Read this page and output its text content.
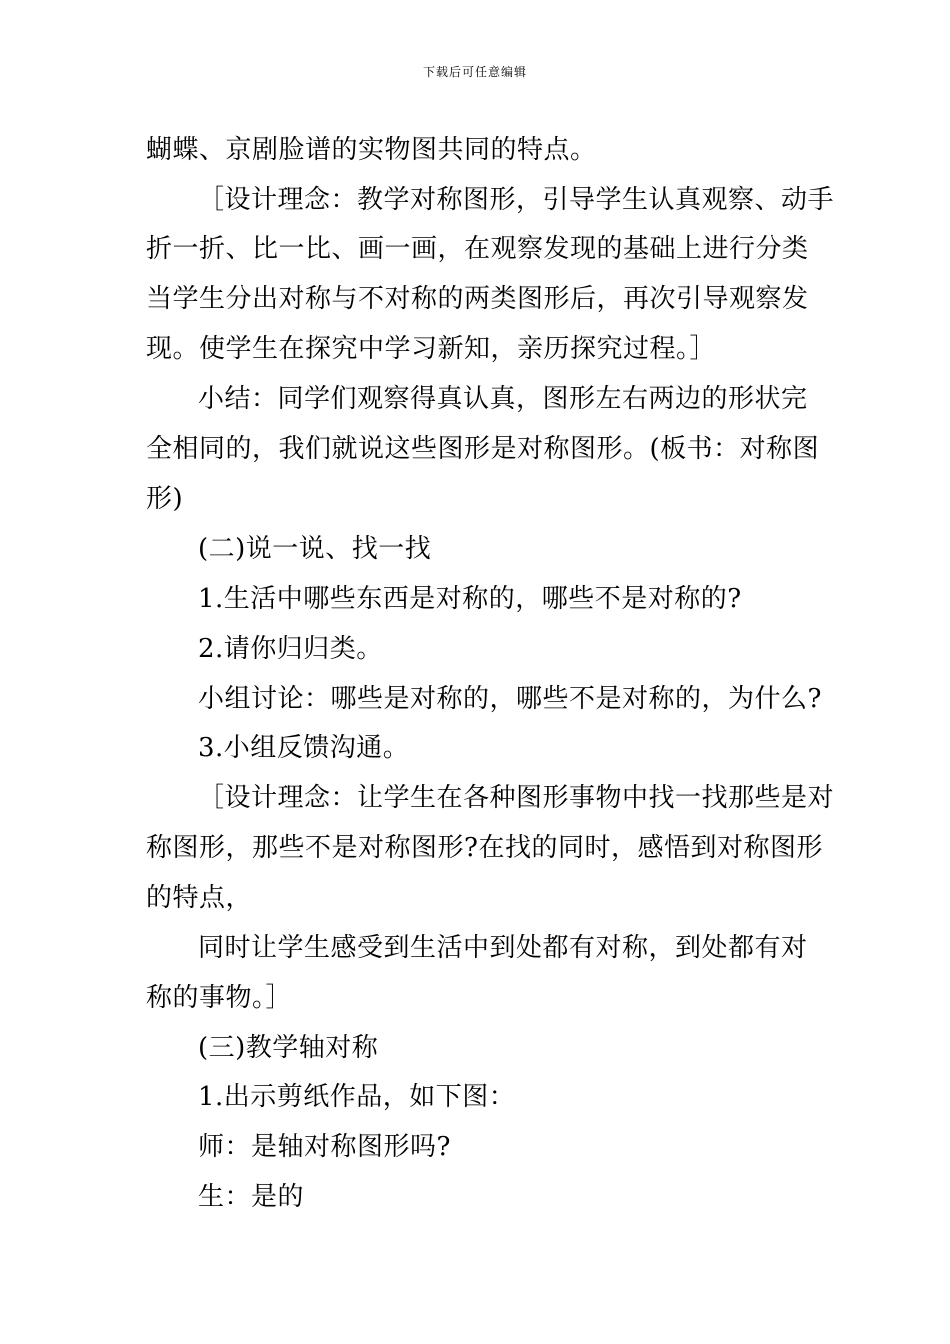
下载后可任意编辑
蝴蝶、京剧脸谱的实物图共同的特点。
［设计理念：教学对称图形，引导学生认真观察、动手
折一折、比一比、画一画，在观察发现的基础上进行分类
当学生分出对称与不对称的两类图形后，再次引导观察发
现。使学生在探究中学习新知，亲历探究过程。］
小结：同学们观察得真认真，图形左右两边的形状完
全相同的，我们就说这些图形是对称图形。(板书：对称图
形)
(二)说一说、找一找
1.生活中哪些东西是对称的，哪些不是对称的?
2.请你归归类。
小组讨论：哪些是对称的，哪些不是对称的，为什么?
3.小组反馈沟通。
［设计理念：让学生在各种图形事物中找一找那些是对
称图形，那些不是对称图形?在找的同时，感悟到对称图形
的特点，
同时让学生感受到生活中到处都有对称，到处都有对
称的事物。］
(三)教学轴对称
1.出示剪纸作品，如下图：
师：是轴对称图形吗?
生：是的
